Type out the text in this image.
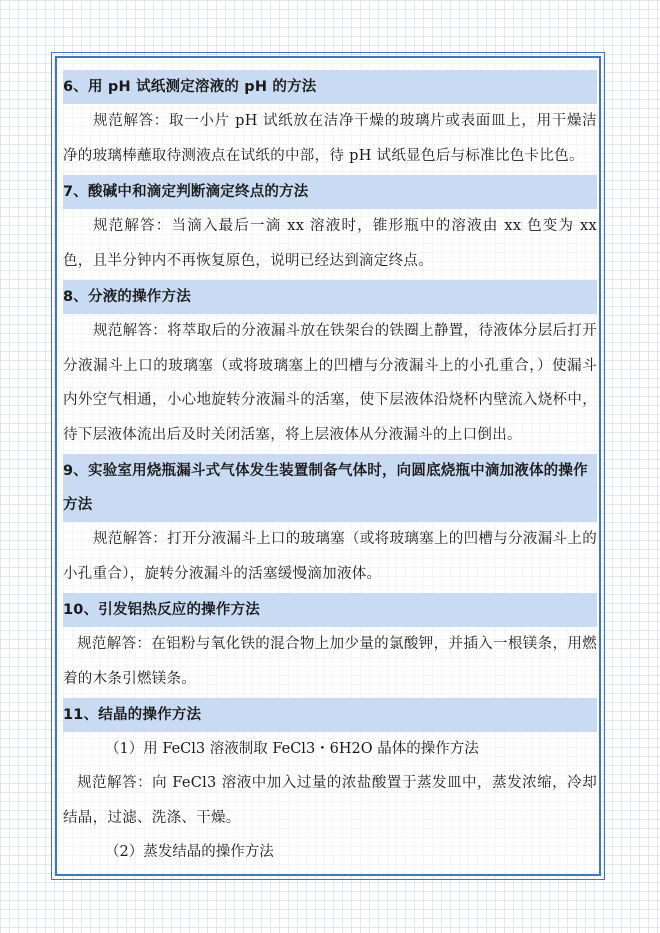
6、用 pH 试纸测定溶液的 pH 的方法
规范解答：取一小片 pH 试纸放在洁净干燥的玻璃片或表面皿上，用干燥洁净的玻璃棒蘸取待测液点在试纸的中部，待 pH 试纸显色后与标准比色卡比色。
7、酸碱中和滴定判断滴定终点的方法
规范解答：当滴入最后一滴 xx 溶液时，锥形瓶中的溶液由 xx 色变为 xx 色，且半分钟内不再恢复原色，说明已经达到滴定终点。
8、分液的操作方法
规范解答：将萃取后的分液漏斗放在铁架台的铁圈上静置，待液体分层后打开分液漏斗上口的玻璃塞（或将玻璃塞上的凹槽与分液漏斗上的小孔重合，）使漏斗内外空气相通，小心地旋转分液漏斗的活塞，使下层液体沿烧杯内壁流入烧杯中，待下层液体流出后及时关闭活塞，将上层液体从分液漏斗的上口倒出。
9、实验室用烧瓶漏斗式气体发生装置制备气体时，向圆底烧瓶中滴加液体的操作方法
规范解答：打开分液漏斗上口的玻璃塞（或将玻璃塞上的凹槽与分液漏斗上的小孔重合），旋转分液漏斗的活塞缓慢滴加液体。
10、引发铝热反应的操作方法
规范解答：在铝粉与氧化铁的混合物上加少量的氯酸钾，并插入一根镁条，用燃着的木条引燃镁条。
11、结晶的操作方法
（1）用 FeCl3 溶液制取 FeCl3・6H2O 晶体的操作方法
规范解答：向 FeCl3 溶液中加入过量的浓盐酸置于蒸发皿中，蒸发浓缩，冷却结晶，过滤、洗涤、干燥。
（2）蒸发结晶的操作方法
